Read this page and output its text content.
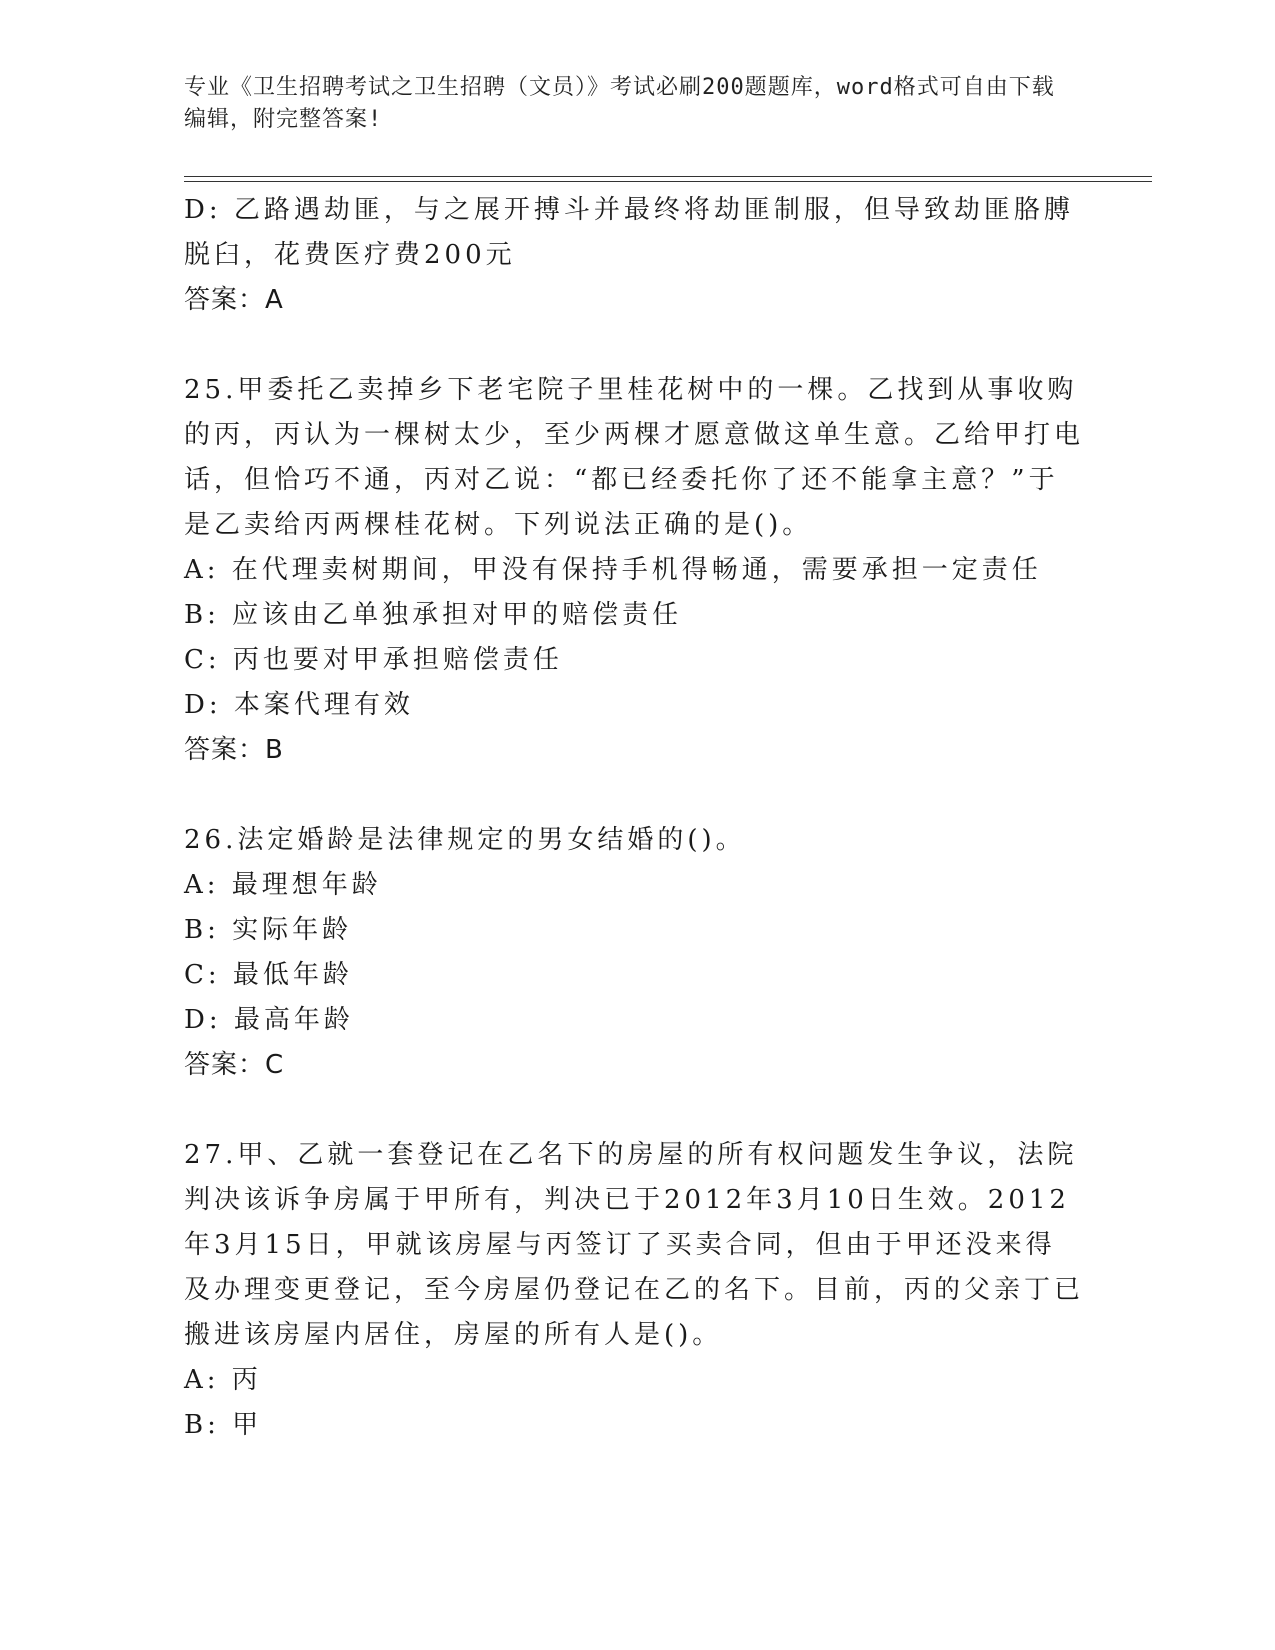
专业《卫生招聘考试之卫生招聘（文员）》考试必刷200题题库，word格式可自由下载编辑，附完整答案!

D: 乙路遇劫匪，与之展开搏斗并最终将劫匪制服，但导致劫匪胳膊脱臼，花费医疗费200元

答案：A

25.甲委托乙卖掉乡下老宅院子里桂花树中的一棵。乙找到从事收购的丙，丙认为一棵树太少，至少两棵才愿意做这单生意。乙给甲打电话，但恰巧不通，丙对乙说：“都已经委托你了还不能拿主意？”于是乙卖给丙两棵桂花树。下列说法正确的是()。

A: 在代理卖树期间，甲没有保持手机得畅通，需要承担一定责任

B: 应该由乙单独承担对甲的赔偿责任

C: 丙也要对甲承担赔偿责任

D: 本案代理有效

答案：B

26.法定婚龄是法律规定的男女结婚的()。

A: 最理想年龄

B: 实际年龄

C: 最低年龄

D: 最高年龄

答案：C

27.甲、乙就一套登记在乙名下的房屋的所有权问题发生争议，法院判决该诉争房属于甲所有，判决已于2012年3月10日生效。2012年3月15日，甲就该房屋与丙签订了买卖合同，但由于甲还没来得及办理变更登记，至今房屋仍登记在乙的名下。目前，丙的父亲丁已搬进该房屋内居住，房屋的所有人是()。

A: 丙

B: 甲
